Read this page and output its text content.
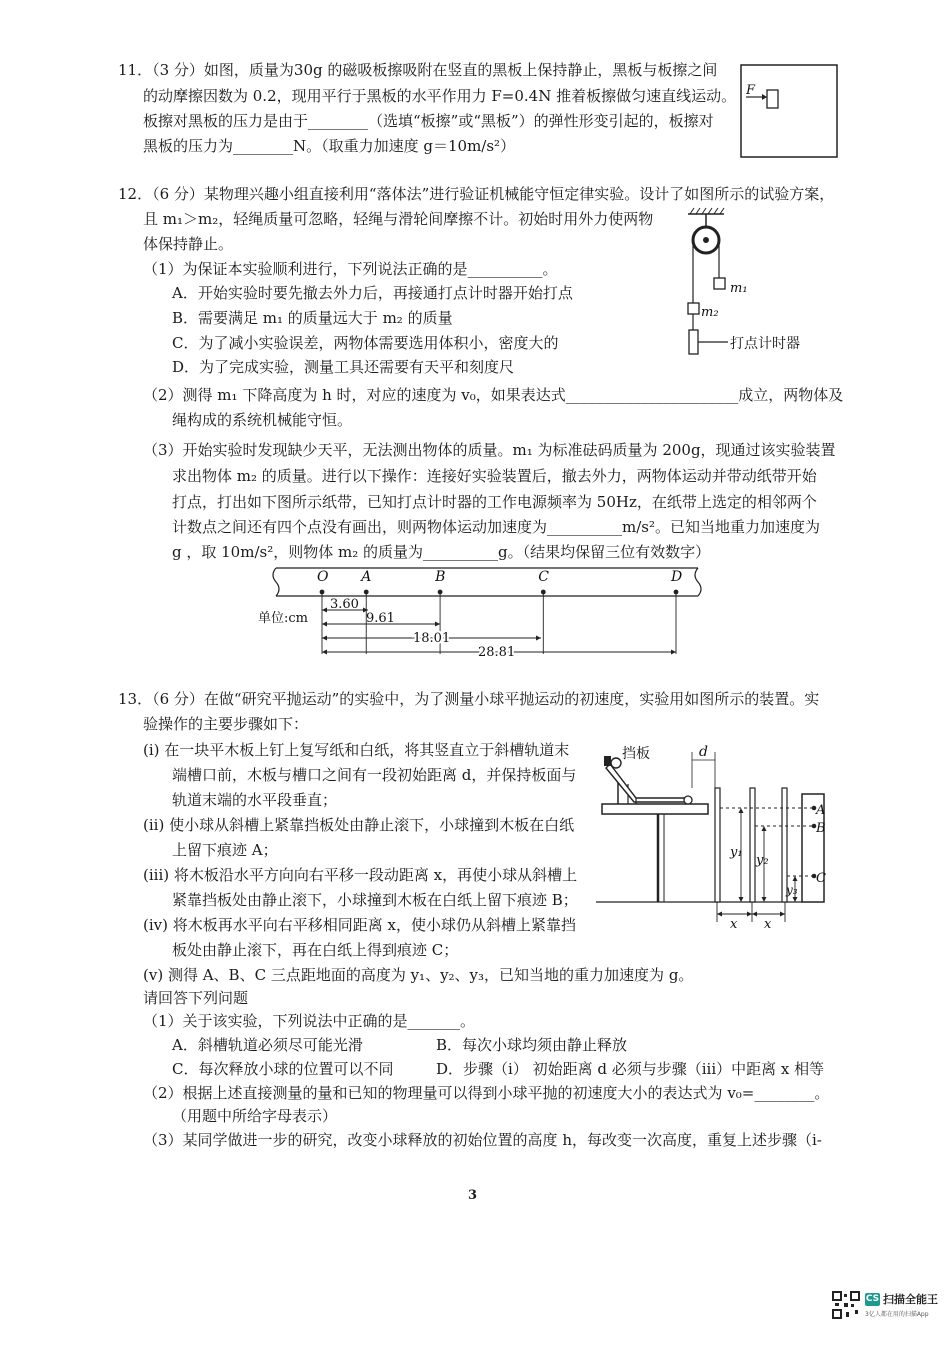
11．（3 分）如图，质量为30g 的磁吸板擦吸附在竖直的黑板上保持静止，黑板与板擦之间
的动摩擦因数为 0.2，现用平行于黑板的水平作用力 F=0.4N 推着板擦做匀速直线运动。
板擦对黑板的压力是由于________（选填“板擦”或“黑板”）的弹性形变引起的，板擦对
黑板的压力为________N。（取重力加速度 g＝10m/s²）
F
12．（6 分）某物理兴趣小组直接利用“落体法”进行验证机械能守恒定律实验。设计了如图所示的试验方案，
且 m₁＞m₂，轻绳质量可忽略，轻绳与滑轮间摩擦不计。初始时用外力使两物
体保持静止。
（1）为保证本实验顺利进行，下列说法正确的是__________。
A．开始实验时要先撤去外力后，再接通打点计时器开始打点
B．需要满足 m₁ 的质量远大于 m₂ 的质量
C．为了减小实验误差，两物体需要选用体积小，密度大的
D．为了完成实验，测量工具还需要有天平和刻度尺
（2）测得 m₁ 下降高度为 h 时，对应的速度为 v₀，如果表达式_______________________成立，两物体及
绳构成的系统机械能守恒。
（3）开始实验时发现缺少天平，无法测出物体的质量。m₁ 为标准砝码质量为 200g，现通过该实验装置
求出物体 m₂ 的质量。进行以下操作：连接好实验装置后，撤去外力，两物体运动并带动纸带开始
打点，打出如下图所示纸带，已知打点计时器的工作电源频率为 50Hz，在纸带上选定的相邻两个
计数点之间还有四个点没有画出，则两物体运动加速度为__________m/s²。已知当地重力加速度为
g ，取 10m/s²，则物体 m₂ 的质量为__________g。（结果均保留三位有效数字）
m₁
m₂
打点计时器
O A	B	C	D
单位:cm
3.60
9.61
18.01
28.81
13．（6 分）在做“研究平抛运动”的实验中，为了测量小球平抛运动的初速度，实验用如图所示的装置。实
验操作的主要步骤如下：
(i) 在一块平木板上钉上复写纸和白纸，将其竖直立于斜槽轨道末
端槽口前，木板与槽口之间有一段初始距离 d，并保持板面与
轨道末端的水平段垂直；
(ii) 使小球从斜槽上紧靠挡板处由静止滚下，小球撞到木板在白纸
上留下痕迹 A；
(iii) 将木板沿水平方向向右平移一段动距离 x，再使小球从斜槽上
紧靠挡板处由静止滚下，小球撞到木板在白纸上留下痕迹 B；
(iv) 将木板再水平向右平移相同距离 x，使小球仍从斜槽上紧靠挡
板处由静止滚下，再在白纸上得到痕迹 C；
(v) 测得 A、B、C 三点距地面的高度为 y₁、y₂、y₃，已知当地的重力加速度为 g。
请回答下列问题
（1）关于该实验，下列说法中正确的是_______。
A．斜槽轨道必须尽可能光滑	B．每次小球均须由静止释放
C．每次释放小球的位置可以不同	D．步骤（i） 初始距离 d 必须与步骤（iii）中距离 x 相等
（2）根据上述直接测量的量和已知的物理量可以得到小球平抛的初速度大小的表达式为 v₀=________。
（用题中所给字母表示）
（3）某同学做进一步的研究，改变小球释放的初始位置的高度 h，每改变一次高度，重复上述步骤（i-
挡板	d
A
B
C
y₁
y₂
y₃
x x
3
CS 扫描全能王
3亿人都在用的扫描App
